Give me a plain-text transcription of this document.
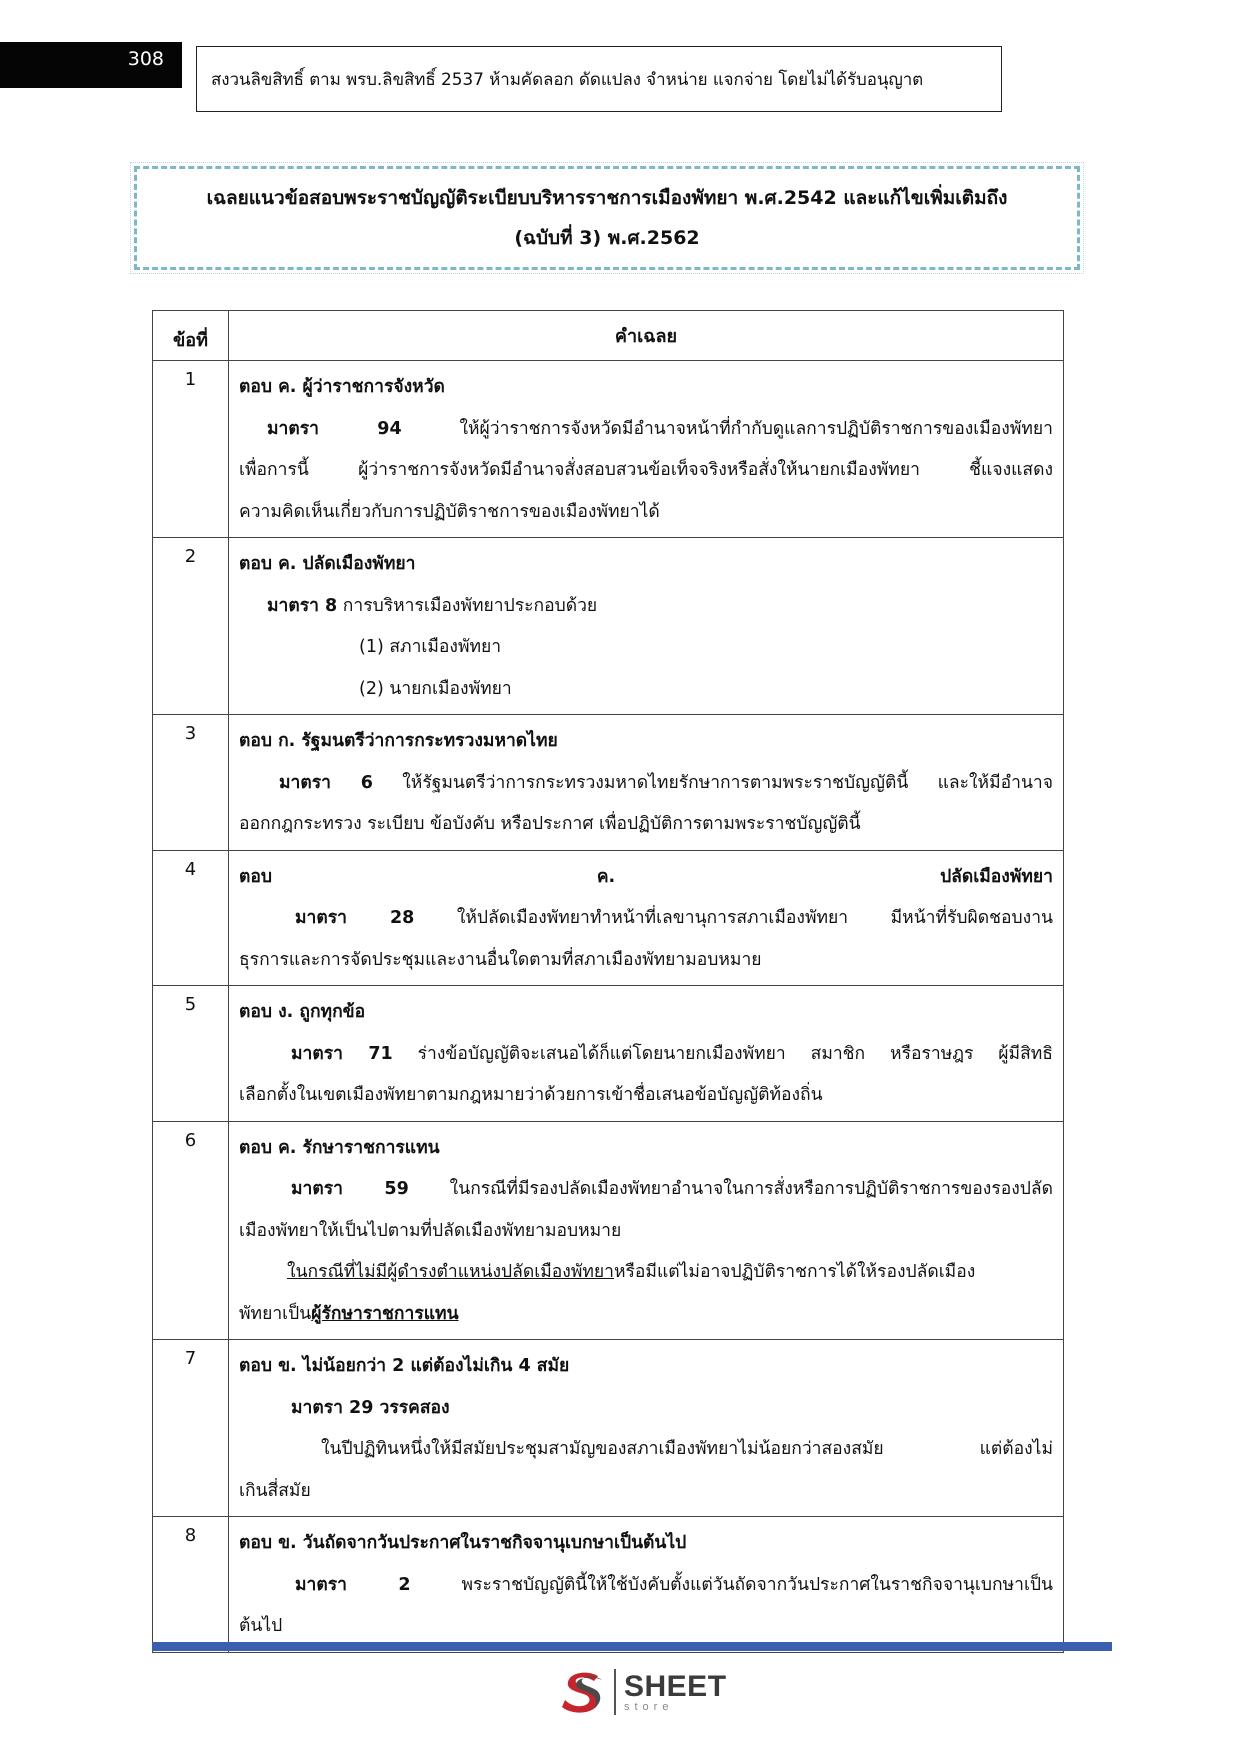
308
สงวนลิขสิทธิ์ ตาม พรบ.ลิขสิทธิ์ 2537 ห้ามคัดลอก ดัดแปลง จำหน่าย แจกจ่าย โดยไม่ได้รับอนุญาต
เฉลยแนวข้อสอบพระราชบัญญัติระเบียบบริหารราชการเมืองพัทยา พ.ศ.2542 และแก้ไขเพิ่มเติมถึง
(ฉบับที่ 3) พ.ศ.2562
ข้อที่	คำเฉลย
1	ตอบ ค. ผู้ว่าราชการจังหวัด
มาตรา 94 ให้ผู้ว่าราชการจังหวัดมีอำนาจหน้าที่กำกับดูแลการปฏิบัติราชการของเมืองพัทยา
เพื่อการนี้ ผู้ว่าราชการจังหวัดมีอำนาจสั่งสอบสวนข้อเท็จจริงหรือสั่งให้นายกเมืองพัทยา ชี้แจงแสดง
ความคิดเห็นเกี่ยวกับการปฏิบัติราชการของเมืองพัทยาได้

2	ตอบ ค. ปลัดเมืองพัทยา
มาตรา 8 การบริหารเมืองพัทยาประกอบด้วย
(1) สภาเมืองพัทยา
(2) นายกเมืองพัทยา

3	ตอบ ก. รัฐมนตรีว่าการกระทรวงมหาดไทย
มาตรา 6 ให้รัฐมนตรีว่าการกระทรวงมหาดไทยรักษาการตามพระราชบัญญัตินี้ และให้มีอำนาจ
ออกกฎกระทรวง ระเบียบ ข้อบังคับ หรือประกาศ เพื่อปฏิบัติการตามพระราชบัญญัตินี้

4	ตอบ ค. ปลัดเมืองพัทยา
มาตรา 28 ให้ปลัดเมืองพัทยาทำหน้าที่เลขานุการสภาเมืองพัทยา มีหน้าที่รับผิดชอบงาน
ธุรการและการจัดประชุมและงานอื่นใดตามที่สภาเมืองพัทยามอบหมาย

5	ตอบ ง. ถูกทุกข้อ
มาตรา 71 ร่างข้อบัญญัติจะเสนอได้ก็แต่โดยนายกเมืองพัทยา สมาชิก หรือราษฎร ผู้มีสิทธิ
เลือกตั้งในเขตเมืองพัทยาตามกฎหมายว่าด้วยการเข้าชื่อเสนอข้อบัญญัติท้องถิ่น

6	ตอบ ค. รักษาราชการแทน
มาตรา 59 ในกรณีที่มีรองปลัดเมืองพัทยาอำนาจในการสั่งหรือการปฏิบัติราชการของรองปลัด
เมืองพัทยาให้เป็นไปตามที่ปลัดเมืองพัทยามอบหมาย
ในกรณีที่ไม่มีผู้ดำรงตำแหน่งปลัดเมืองพัทยาหรือมีแต่ไม่อาจปฏิบัติราชการได้ให้รองปลัดเมือง
พัทยาเป็นผู้รักษาราชการแทน

7	ตอบ ข. ไม่น้อยกว่า 2 แต่ต้องไม่เกิน 4 สมัย
มาตรา 29 วรรคสอง
ในปีปฏิทินหนึ่งให้มีสมัยประชุมสามัญของสภาเมืองพัทยาไม่น้อยกว่าสองสมัย แต่ต้องไม่
เกินสี่สมัย

8	ตอบ ข. วันถัดจากวันประกาศในราชกิจจานุเบกษาเป็นต้นไป
มาตรา 2 พระราชบัญญัตินี้ให้ใช้บังคับตั้งแต่วันถัดจากวันประกาศในราชกิจจานุเบกษาเป็น
ต้นไป
SHEET
store
